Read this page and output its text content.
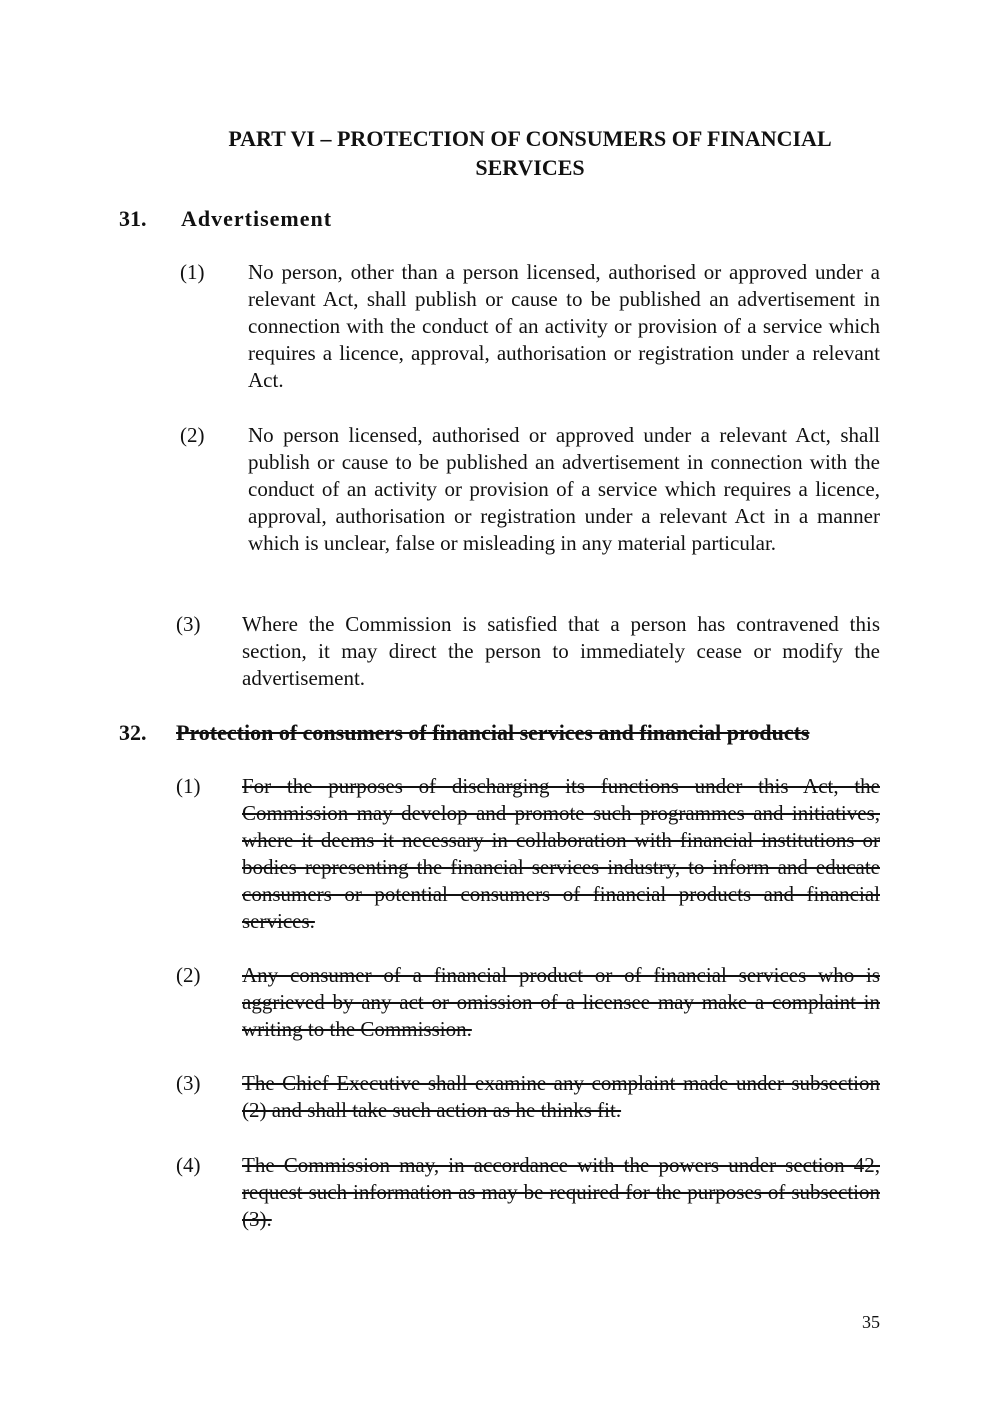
PART VI – PROTECTION OF CONSUMERS OF FINANCIAL SERVICES
31. Advertisement
(1)	No person, other than a person licensed, authorised or approved under a relevant Act, shall publish or cause to be published an advertisement in connection with the conduct of an activity or provision of a service which requires a licence, approval, authorisation or registration under a relevant Act.
(2)	No person licensed, authorised or approved under a relevant Act, shall publish or cause to be published an advertisement in connection with the conduct of an activity or provision of a service which requires a licence, approval, authorisation or registration under a relevant Act in a manner which is unclear, false or misleading in any material particular.
(3)	Where the Commission is satisfied that a person has contravened this section, it may direct the person to immediately cease or modify the advertisement.
32. Protection of consumers of financial services and financial products
(1)	For the purposes of discharging its functions under this Act, the Commission may develop and promote such programmes and initiatives, where it deems it necessary in collaboration with financial institutions or bodies representing the financial services industry, to inform and educate consumers or potential consumers of financial products and financial services.
(2)	Any consumer of a financial product or of financial services who is aggrieved by any act or omission of a licensee may make a complaint in writing to the Commission.
(3)	The Chief Executive shall examine any complaint made under subsection (2) and shall take such action as he thinks fit.
(4)	The Commission may, in accordance with the powers under section 42, request such information as may be required for the purposes of subsection (3).

35
